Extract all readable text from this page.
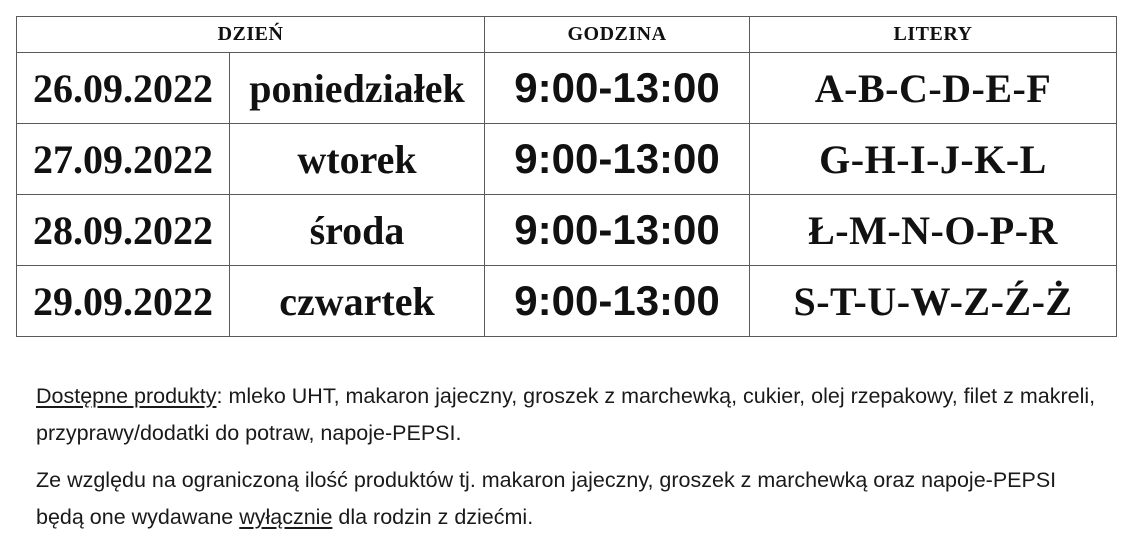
DZIEŃ		GODZINA	LITERY
26.09.2022	poniedziałek	9:00-13:00	A-B-C-D-E-F
27.09.2022	wtorek	9:00-13:00	G-H-I-J-K-L
28.09.2022	środa	9:00-13:00	Ł-M-N-O-P-R
29.09.2022	czwartek	9:00-13:00	S-T-U-W-Z-Ź-Ż

Dostępne produkty: mleko UHT, makaron jajeczny, groszek z marchewką, cukier, olej rzepakowy, filet z makreli, przyprawy/dodatki do potraw, napoje-PEPSI.

Ze względu na ograniczoną ilość produktów tj. makaron jajeczny, groszek z marchewką oraz napoje-PEPSI będą one wydawane wyłącznie dla rodzin z dziećmi.
